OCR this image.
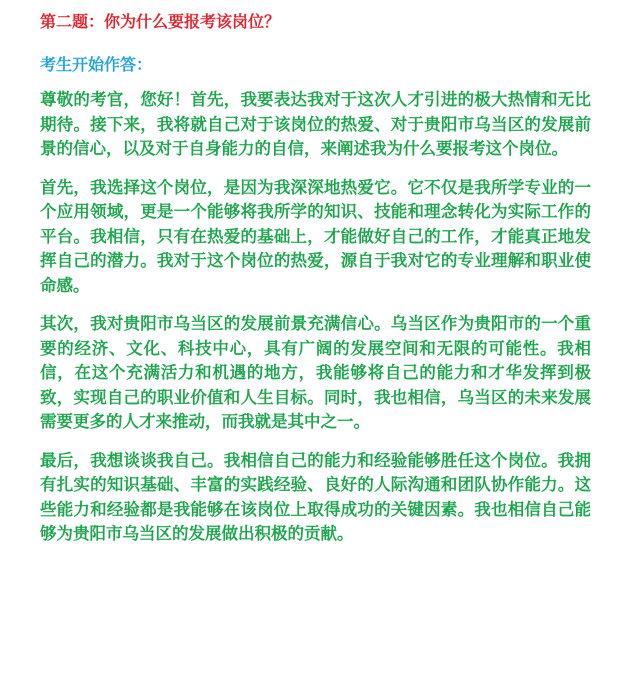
第二题：你为什么要报考该岗位？
考生开始作答：

尊敬的考官，您好！首先，我要表达我对于这次人才引进的极大热情和无比期待。接下来，我将就自己对于该岗位的热爱、对于贵阳市乌当区的发展前景的信心，以及对于自身能力的自信，来阐述我为什么要报考这个岗位。

首先，我选择这个岗位，是因为我深深地热爱它。它不仅是我所学专业的一个应用领域，更是一个能够将我所学的知识、技能和理念转化为实际工作的平台。我相信，只有在热爱的基础上，才能做好自己的工作，才能真正地发挥自己的潜力。我对于这个岗位的热爱，源自于我对它的专业理解和职业使命感。

其次，我对贵阳市乌当区的发展前景充满信心。乌当区作为贵阳市的一个重要的经济、文化、科技中心，具有广阔的发展空间和无限的可能性。我相信，在这个充满活力和机遇的地方，我能够将自己的能力和才华发挥到极致，实现自己的职业价值和人生目标。同时，我也相信，乌当区的未来发展需要更多的人才来推动，而我就是其中之一。

最后，我想谈谈我自己。我相信自己的能力和经验能够胜任这个岗位。我拥有扎实的知识基础、丰富的实践经验、良好的人际沟通和团队协作能力。这些能力和经验都是我能够在该岗位上取得成功的关键因素。我也相信自己能够为贵阳市乌当区的发展做出积极的贡献。
